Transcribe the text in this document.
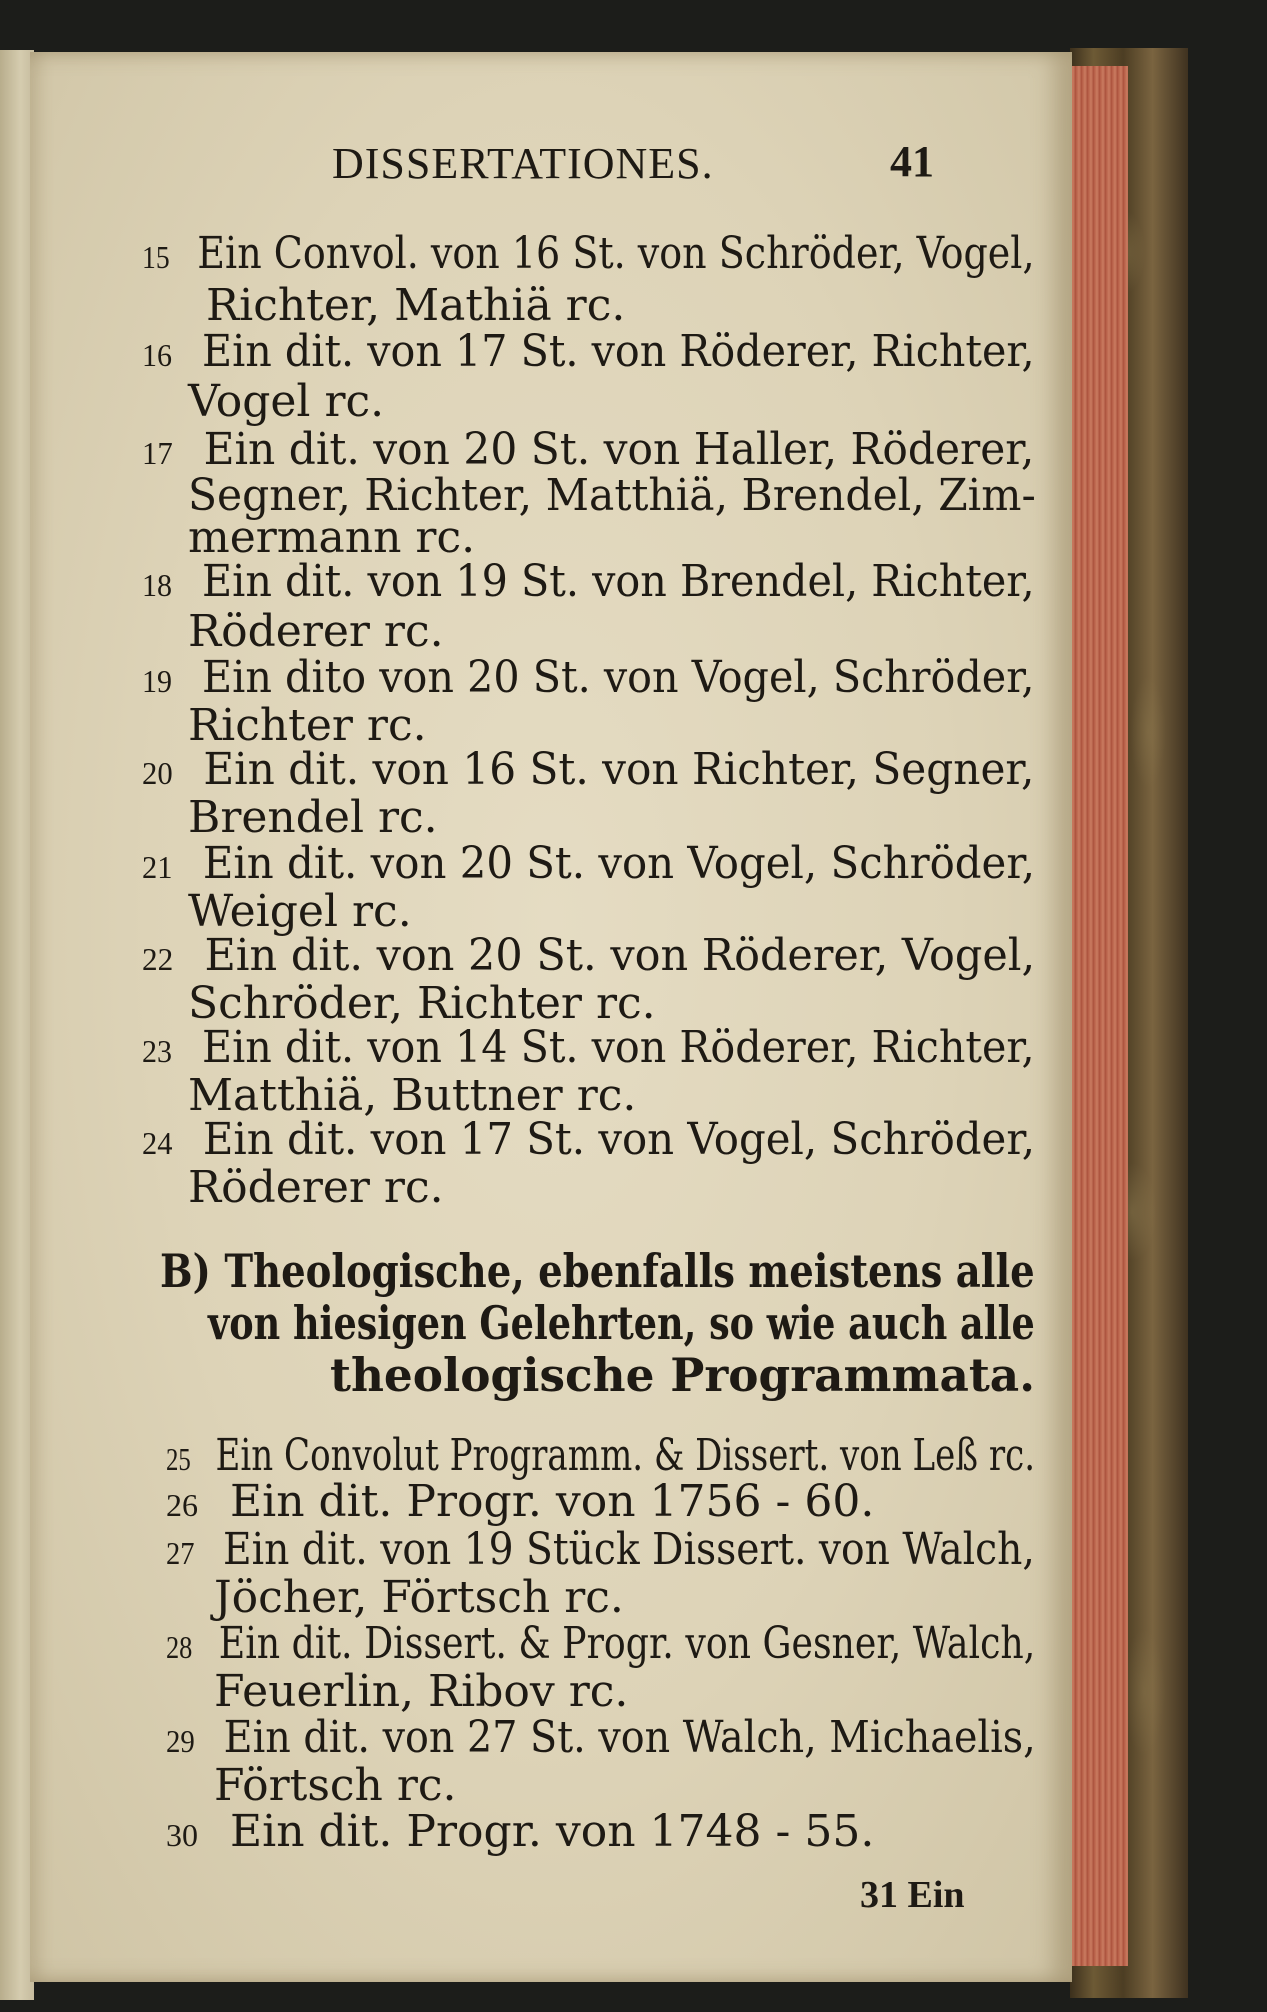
DISSERTATIONES.	41
15 Ein Convol. von 16 St. von Schröder, Vogel,
Richter, Mathiä rc.
16 Ein dit. von 17 St. von Röderer, Richter,
Vogel rc.
17 Ein dit. von 20 St. von Haller, Röderer,
Segner, Richter, Matthiä, Brendel, Zim-
mermann rc.
18 Ein dit. von 19 St. von Brendel, Richter,
Röderer rc.
19 Ein dito von 20 St. von Vogel, Schröder,
Richter rc.
20 Ein dit. von 16 St. von Richter, Segner,
Brendel rc.
21 Ein dit. von 20 St. von Vogel, Schröder,
Weigel rc.
22 Ein dit. von 20 St. von Röderer, Vogel,
Schröder, Richter rc.
23 Ein dit. von 14 St. von Röderer, Richter,
Matthiä, Buttner rc.
24 Ein dit. von 17 St. von Vogel, Schröder,
Röderer rc.
B) Theologische, ebenfalls meistens alle
von hiesigen Gelehrten, so wie auch alle
theologische Programmata.
25 Ein Convolut Programm. & Dissert. von Leß rc.
26 Ein dit. Progr. von 1756 - 60.
27 Ein dit. von 19 Stück Dissert. von Walch,
Jöcher, Förtsch rc.
28 Ein dit. Dissert. & Progr. von Gesner, Walch,
Feuerlin, Ribov rc.
29 Ein dit. von 27 St. von Walch, Michaelis,
Förtsch rc.
30 Ein dit. Progr. von 1748 - 55.
31 Ein
